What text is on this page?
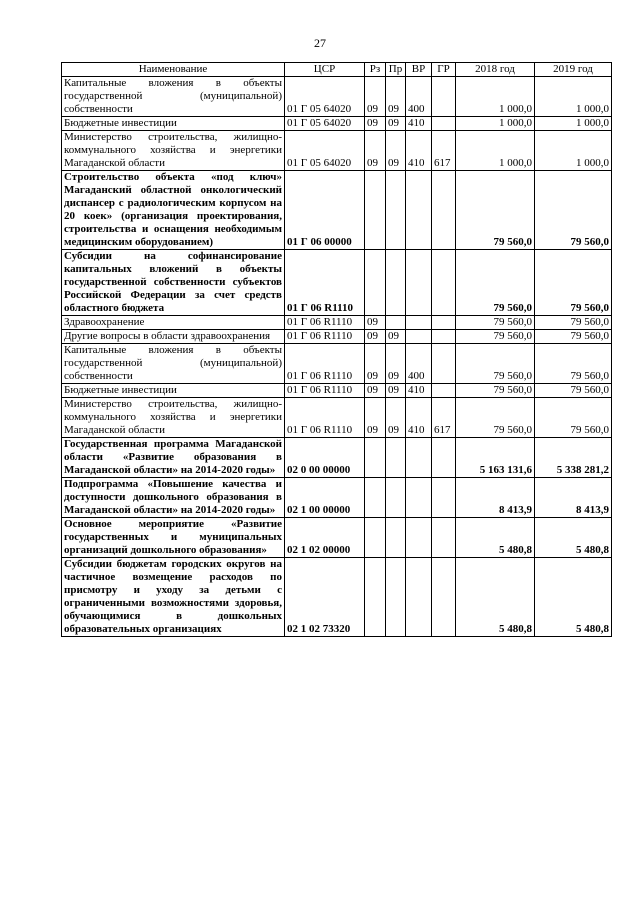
27
Наименование	ЦСР	Рз	Пр	ВР	ГР	2018 год	2019 год
Капитальные вложения в объекты государственной (муниципальной) собственности	01 Г 05 64020	09	09	400		1 000,0	1 000,0
Бюджетные инвестиции	01 Г 05 64020	09	09	410		1 000,0	1 000,0
Министерство строительства, жилищно-коммунального хозяйства и энергетики Магаданской области	01 Г 05 64020	09	09	410	617	1 000,0	1 000,0
Строительство объекта «под ключ» Магаданский областной онкологический диспансер с радиологическим корпусом на 20 коек» (организация проектирования, строительства и оснащения необходимым медицинским оборудованием)	01 Г 06 00000					79 560,0	79 560,0
Субсидии на софинансирование капитальных вложений в объекты государственной собственности субъектов Российской Федерации за счет средств областного бюджета	01 Г 06 R1110					79 560,0	79 560,0
Здравоохранение	01 Г 06 R1110	09				79 560,0	79 560,0
Другие вопросы в области здравоохранения	01 Г 06 R1110	09	09			79 560,0	79 560,0
Капитальные вложения в объекты государственной (муниципальной) собственности	01 Г 06 R1110	09	09	400		79 560,0	79 560,0
Бюджетные инвестиции	01 Г 06 R1110	09	09	410		79 560,0	79 560,0
Министерство строительства, жилищно-коммунального хозяйства и энергетики Магаданской области	01 Г 06 R1110	09	09	410	617	79 560,0	79 560,0
Государственная программа Магаданской области «Развитие образования в Магаданской области» на 2014-2020 годы»	02 0 00 00000					5 163 131,6	5 338 281,2
Подпрограмма «Повышение качества и доступности дошкольного образования в Магаданской области» на 2014-2020 годы»	02 1 00 00000					8 413,9	8 413,9
Основное мероприятие «Развитие государственных и муниципальных организаций дошкольного образования»	02 1 02 00000					5 480,8	5 480,8
Субсидии бюджетам городских округов на частичное возмещение расходов по присмотру и уходу за детьми с ограниченными возможностями здоровья, обучающимися в дошкольных образовательных организациях	02 1 02 73320					5 480,8	5 480,8
